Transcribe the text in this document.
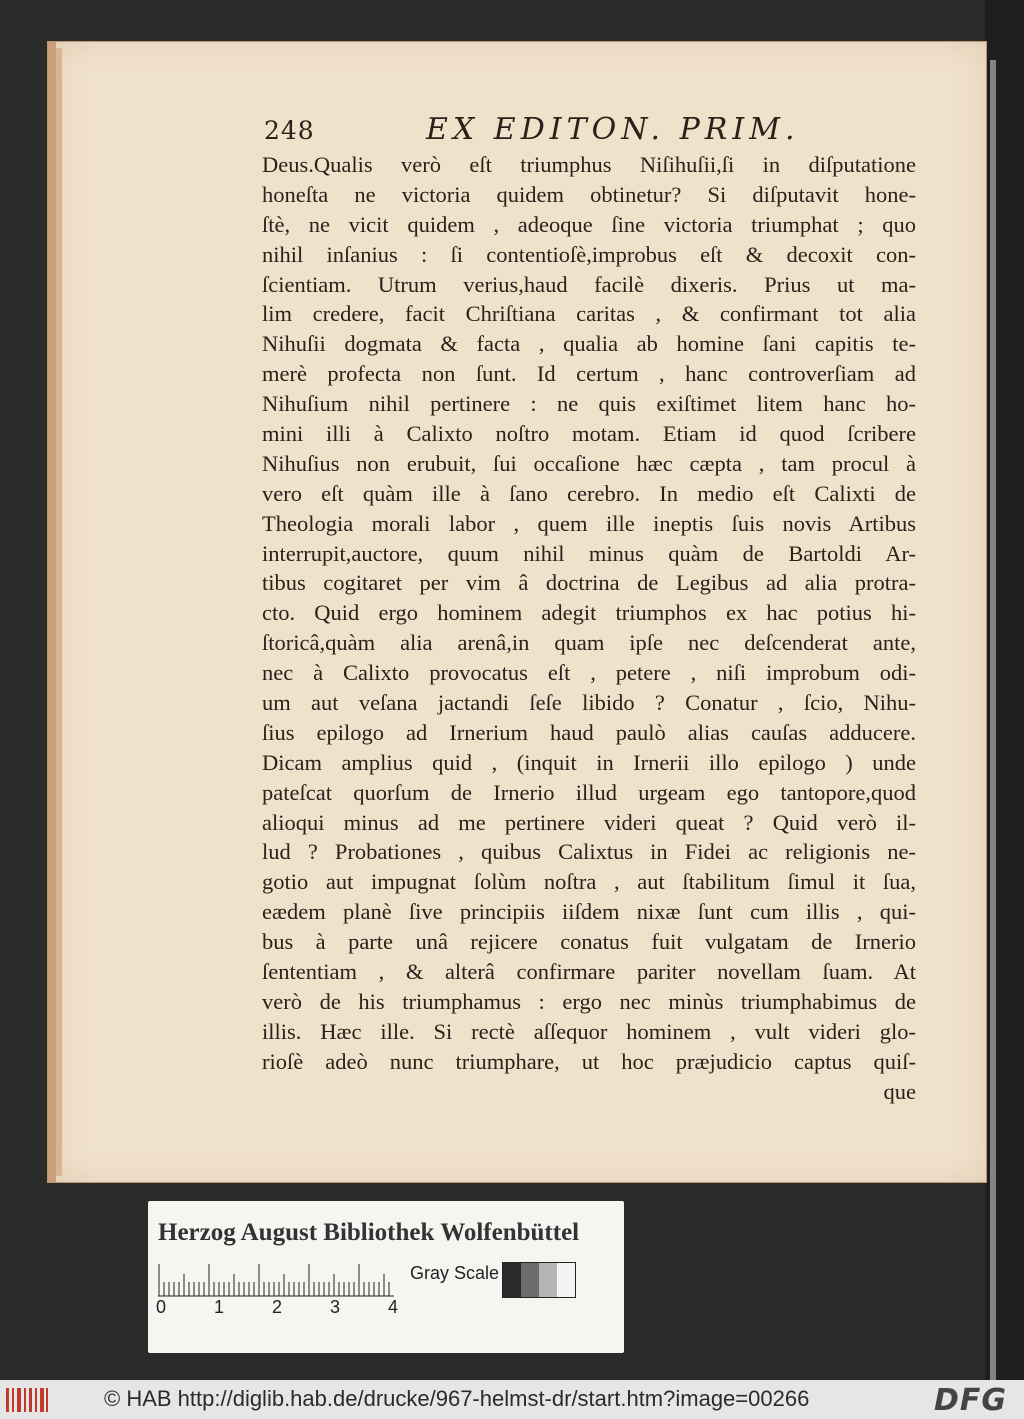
248	EX EDITON. PRIM.
Deus.Qualis verò eſt triumphus Niſihuſii,ſi in diſputatione
honeſta ne victoria quidem obtinetur? Si diſputavit hone-
ſtè, ne vicit quidem , adeoque ſine victoria triumphat ; quo
nihil inſanius : ſi contentioſè,improbus eſt & decoxit con-
ſcientiam. Utrum verius,haud facilè dixeris. Prius ut ma-
lim credere, facit Chriſtiana caritas , & confirmant tot alia
Nihuſii dogmata & facta , qualia ab homine ſani capitis te-
merè profecta non ſunt. Id certum , hanc controverſiam ad
Nihuſium nihil pertinere : ne quis exiſtimet litem hanc ho-
mini illi à Calixto noſtro motam. Etiam id quod ſcribere
Nihuſius non erubuit, ſui occaſione hæc cæpta , tam procul à
vero eſt quàm ille à ſano cerebro. In medio eſt Calixti de
Theologia morali labor , quem ille ineptis ſuis novis Artibus
interrupit,auctore, quum nihil minus quàm de Bartoldi Ar-
tibus cogitaret per vim â doctrina de Legibus ad alia protra-
cto. Quid ergo hominem adegit triumphos ex hac potius hi-
ſtoricâ,quàm alia arenâ,in quam ipſe nec deſcenderat ante,
nec à Calixto provocatus eſt , petere , niſi improbum odi-
um aut veſana jactandi ſeſe libido ? Conatur , ſcio, Nihu-
ſius epilogo ad Irnerium haud paulò alias cauſas adducere.
Dicam amplius quid , (inquit in Irnerii illo epilogo ) unde
pateſcat quorſum de Irnerio illud urgeam ego tantopore,quod
alioqui minus ad me pertinere videri queat ? Quid verò il-
lud ? Probationes , quibus Calixtus in Fidei ac religionis ne-
gotio aut impugnat ſolùm noſtra , aut ſtabilitum ſimul it ſua,
eædem planè ſive principiis iiſdem nixæ ſunt cum illis , qui-
bus à parte unâ rejicere conatus fuit vulgatam de Irnerio
ſententiam , & alterâ confirmare pariter novellam ſuam. At
verò de his triumphamus : ergo nec minùs triumphabimus de
illis. Hæc ille. Si rectè aſſequor hominem , vult videri glo-
rioſè adeò nunc triumphare, ut hoc præjudicio captus quiſ-
que
Herzog August Bibliothek Wolfenbüttel
0	1	2	3	4
Gray Scale
© HAB http://diglib.hab.de/drucke/967-helmst-dr/start.htm?image=00266	DFG
